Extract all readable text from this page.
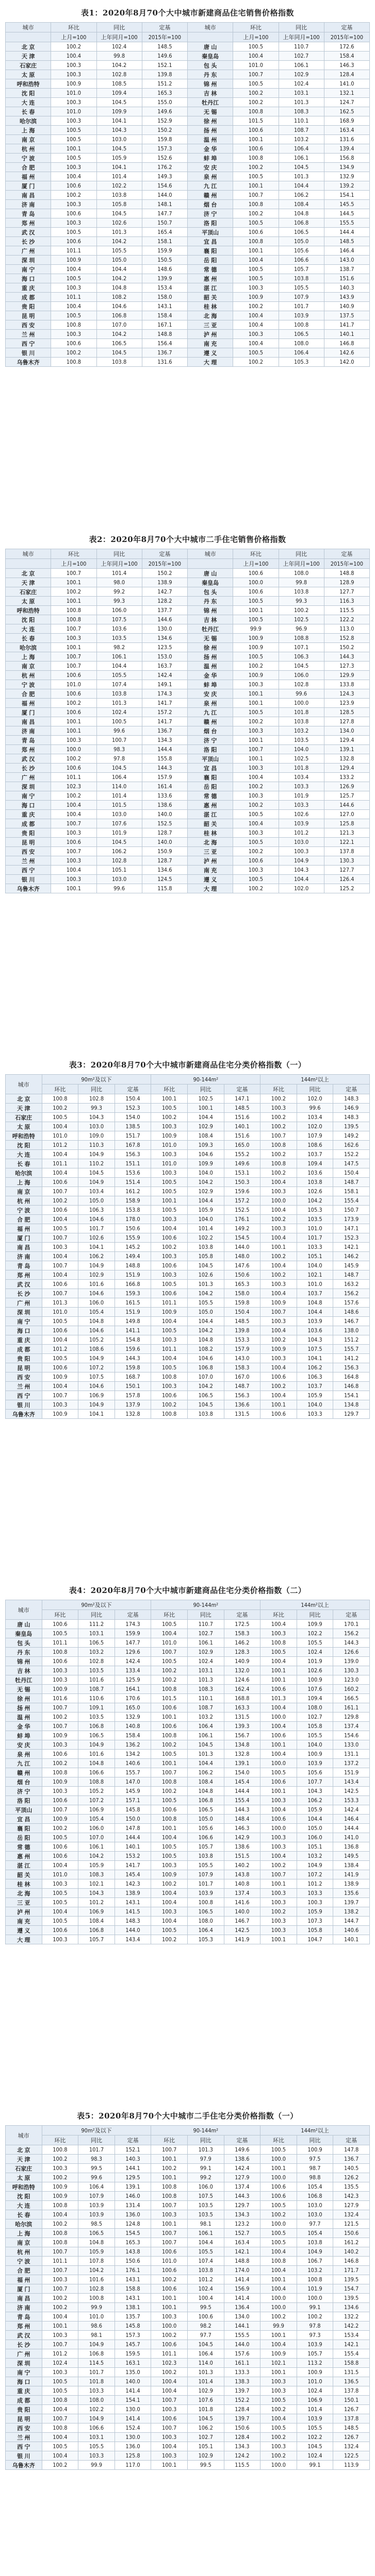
表1：2020年8月70个大中城市新建商品住宅销售价格指数
城市	环比	同比	定基	城市	环比	同比	定基
	上月=100	上年同月=100	2015年=100		上月=100	上年同月=100	2015年=100
北 京	100.2	102.4	148.5	唐 山	100.5	110.7	172.6
天 津	100.4	99.8	149.6	秦皇岛	100.4	102.7	158.4
石家庄	100.3	104.2	152.1	包 头	101.0	106.1	146.3
太 原	100.3	102.8	139.8	丹 东	100.7	102.9	128.4
呼和浩特	100.9	108.5	151.2	锦 州	100.5	102.4	141.0
沈 阳	101.0	109.4	165.3	吉 林	100.2	103.1	132.1
大 连	100.3	104.5	155.0	牡丹江	100.2	101.3	124.7
长 春	101.0	109.9	149.6	无 锡	100.8	108.3	162.5
哈尔滨	100.3	104.1	152.9	徐 州	101.5	110.1	168.9
上 海	100.5	104.3	150.2	扬 州	100.6	108.7	163.4
南 京	100.5	103.0	159.8	温 州	100.1	103.2	131.6
杭 州	100.1	104.5	157.3	金 华	100.6	106.4	139.4
宁 波	100.5	105.9	152.6	蚌 埠	100.8	106.1	156.8
合 肥	100.3	104.1	176.2	安 庆	100.2	104.5	134.9
福 州	100.4	101.4	149.3	泉 州	100.5	101.3	132.9
厦 门	100.6	102.2	154.6	九 江	100.1	104.4	139.2
南 昌	100.2	103.8	144.0	赣 州	100.7	106.2	154.1
济 南	100.3	105.8	148.1	烟 台	100.8	108.4	145.5
青 岛	100.6	104.5	147.7	济 宁	100.2	104.8	144.5
郑 州	100.3	102.6	150.7	洛 阳	100.5	106.8	155.5
武 汉	100.5	101.3	165.4	平顶山	100.6	106.5	144.4
长 沙	100.6	104.2	158.1	宜 昌	100.8	105.0	148.5
广 州	101.1	105.5	159.9	襄 阳	100.1	105.6	146.4
深 圳	100.9	105.0	150.5	岳 阳	100.4	106.6	143.0
南 宁	100.4	104.4	148.6	常 德	100.5	105.7	138.7
海 口	100.5	104.2	139.9	惠 州	100.5	103.8	151.6
重 庆	100.3	104.8	153.4	湛 江	100.3	105.5	140.3
成 都	101.1	108.2	158.0	韶 关	100.9	107.9	143.9
贵 阳	100.4	104.6	143.1	桂 林	100.2	101.7	140.9
昆 明	100.5	106.8	158.4	北 海	100.4	103.9	137.5
西 安	100.8	107.0	167.1	三 亚	100.4	100.8	141.7
兰 州	100.3	104.2	148.8	泸 州	100.3	106.5	140.1
西 宁	100.6	106.5	156.4	南 充	100.4	108.0	146.8
银 川	100.2	104.5	136.7	遵 义	100.5	106.4	142.6
乌鲁木齐	100.8	103.8	131.6	大 理	100.2	105.3	142.0
表2：2020年8月70个大中城市二手住宅销售价格指数
城市	环比	同比	定基	城市	环比	同比	定基
	上月=100	上年同月=100	2015年=100		上月=100	上年同月=100	2015年=100
北 京	100.7	101.4	150.2	唐 山	100.6	108.0	148.8
天 津	100.1	98.0	138.9	秦皇岛	100.0	99.8	128.9
石家庄	100.2	99.2	142.7	包 头	100.6	103.8	127.7
太 原	100.1	99.3	128.2	丹 东	100.5	99.3	116.3
呼和浩特	100.8	106.0	137.7	锦 州	100.1	100.2	115.5
沈 阳	100.8	107.5	144.6	吉 林	100.5	102.5	122.2
大 连	100.7	103.6	130.0	牡丹江	99.9	96.9	113.0
长 春	100.3	103.5	134.6	无 锡	100.9	108.8	152.8
哈尔滨	100.1	98.2	123.5	徐 州	100.9	107.1	150.2
上 海	100.7	106.1	153.0	扬 州	100.5	106.3	144.3
南 京	100.7	104.4	163.7	温 州	100.2	104.5	127.3
杭 州	100.6	105.5	142.4	金 华	100.9	106.0	129.9
宁 波	101.0	107.4	149.1	蚌 埠	100.3	102.8	133.8
合 肥	100.6	103.8	174.3	安 庆	100.1	99.6	124.3
福 州	100.2	101.3	141.7	泉 州	100.1	100.0	123.9
厦 门	100.6	102.4	157.2	九 江	100.5	101.8	128.5
南 昌	100.1	100.5	141.7	赣 州	100.2	103.8	127.8
济 南	100.1	99.6	136.7	烟 台	100.3	103.2	134.0
青 岛	100.3	100.7	134.3	济 宁	100.1	103.5	129.4
郑 州	100.0	98.3	144.4	洛 阳	100.7	104.0	139.1
武 汉	100.2	97.8	155.8	平顶山	100.1	102.5	132.8
长 沙	100.6	104.5	144.3	宜 昌	100.3	101.8	129.4
广 州	101.1	106.4	157.9	襄 阳	100.4	103.4	133.2
深 圳	102.3	114.0	161.4	岳 阳	100.2	103.3	126.9
南 宁	100.2	101.4	133.6	常 德	100.3	101.9	125.7
海 口	100.4	101.5	138.6	惠 州	100.2	103.3	144.6
重 庆	100.4	103.0	140.0	湛 江	100.5	102.6	127.0
成 都	100.7	107.6	152.5	韶 关	100.4	103.9	125.8
贵 阳	100.3	101.9	128.7	桂 林	100.3	101.2	121.3
昆 明	100.6	104.5	140.0	北 海	100.5	103.0	122.1
西 安	100.7	106.2	150.9	三 亚	100.2	100.3	137.8
兰 州	100.3	102.8	128.7	泸 州	100.6	104.9	130.3
西 宁	100.4	105.1	134.6	南 充	100.3	104.3	127.7
银 川	100.3	103.0	124.5	遵 义	100.5	104.4	126.4
乌鲁木齐	100.1	99.6	115.8	大 理	100.2	102.0	125.2
表3：2020年8月70个大中城市新建商品住宅分类价格指数（一）
城市	90m²及以下			90-144m²			144m²以上		
	环比	同比	定基	环比	同比	定基	环比	同比	定基
北 京	100.8	102.8	150.4	100.1	102.5	147.1	100.2	102.0	148.3
天 津	100.2	99.3	152.3	100.5	100.1	148.5	100.3	99.6	146.9
石家庄	100.5	104.3	154.0	100.2	104.4	151.6	100.2	103.4	148.3
太 原	100.4	103.0	138.5	100.3	102.9	140.1	100.2	102.0	139.5
呼和浩特	101.0	109.0	151.7	100.9	108.4	151.6	100.7	107.9	149.2
沈 阳	101.2	110.3	167.8	101.0	109.3	165.0	100.8	108.6	162.6
大 连	100.4	104.9	156.3	100.3	104.6	155.2	100.2	103.7	152.2
长 春	101.1	110.2	151.1	101.0	109.9	149.6	100.8	109.4	147.5
哈尔滨	100.4	104.5	153.6	100.3	104.0	153.1	100.2	103.6	150.4
上 海	100.6	104.9	151.4	100.5	104.2	150.3	100.4	103.8	148.7
南 京	100.7	103.4	161.2	100.5	102.9	159.6	100.3	102.6	158.1
杭 州	100.2	105.0	158.9	100.1	104.4	157.2	100.0	104.2	155.4
宁 波	100.6	106.3	153.8	100.5	105.9	152.5	100.4	105.3	150.7
合 肥	100.4	104.6	178.0	100.3	104.0	176.1	100.2	103.5	173.9
福 州	100.5	101.7	150.6	100.4	101.4	149.2	100.3	101.0	147.1
厦 门	100.7	102.6	155.9	100.6	102.2	154.5	100.4	101.7	152.3
南 昌	100.3	104.1	145.2	100.2	103.8	144.0	100.1	103.3	142.1
济 南	100.4	106.2	149.4	100.3	105.8	148.0	100.2	105.1	146.2
青 岛	100.7	104.9	148.8	100.6	104.5	147.6	100.4	104.0	145.9
郑 州	100.4	102.9	151.9	100.3	102.6	150.6	100.2	102.1	148.7
武 汉	100.6	101.6	166.8	100.5	101.3	165.3	100.3	101.0	163.2
长 沙	100.7	104.6	159.3	100.6	104.2	158.0	100.4	103.7	156.2
广 州	101.3	106.0	161.5	101.1	105.5	159.8	100.9	104.8	157.6
深 圳	101.0	105.4	151.9	100.9	105.0	150.4	100.7	104.4	148.6
南 宁	100.5	104.8	149.8	100.4	104.4	148.5	100.3	103.9	146.7
海 口	100.6	104.6	141.1	100.5	104.2	139.8	100.4	103.6	138.0
重 庆	100.4	105.2	154.8	100.3	104.8	153.3	100.2	104.3	151.2
成 都	101.2	108.6	159.6	101.1	108.2	157.9	100.9	107.5	155.7
贵 阳	100.5	104.9	144.3	100.4	104.6	143.0	100.3	104.1	141.2
昆 明	100.6	107.2	159.8	100.5	106.8	158.3	100.4	106.2	156.3
西 安	100.9	107.5	168.7	100.8	107.0	167.0	100.6	106.3	164.8
兰 州	100.4	104.6	150.1	100.3	104.2	148.7	100.2	103.7	146.8
西 宁	100.7	106.9	157.8	100.6	106.5	156.3	100.4	105.9	154.1
银 川	100.3	104.9	137.9	100.2	104.5	136.6	100.1	104.0	134.8
乌鲁木齐	100.9	104.1	132.8	100.8	103.8	131.5	100.6	103.3	129.7
表4：2020年8月70个大中城市新建商品住宅分类价格指数（二）
城市	90m²及以下			90-144m²			144m²以上		
	环比	同比	定基	环比	同比	定基	环比	同比	定基
唐 山	100.6	111.2	174.3	100.5	110.7	172.5	100.4	109.9	170.1
秦皇岛	100.5	103.1	159.9	100.4	102.7	158.3	100.3	102.2	156.2
包 头	101.1	106.5	147.7	101.0	106.1	146.2	100.8	105.5	144.3
丹 东	100.8	103.2	129.6	100.7	102.9	128.3	100.5	102.4	126.6
锦 州	100.6	102.8	142.4	100.5	102.4	140.9	100.4	101.9	139.0
吉 林	100.3	103.5	133.4	100.2	103.1	132.0	100.1	102.6	130.3
牡丹江	100.3	101.6	125.9	100.2	101.3	124.6	100.1	100.9	123.0
无 锡	100.9	108.7	164.1	100.8	108.3	162.4	100.6	107.6	160.2
徐 州	101.6	110.6	170.6	101.5	110.1	168.8	101.3	109.4	166.5
扬 州	100.7	109.1	165.0	100.6	108.7	163.3	100.4	108.0	161.1
温 州	100.2	103.5	132.9	100.1	103.2	131.5	100.0	102.7	129.8
金 华	100.7	106.8	140.8	100.6	106.4	139.3	100.4	105.8	137.4
蚌 埠	100.9	106.5	158.4	100.8	106.1	156.7	100.6	105.5	154.6
安 庆	100.3	104.9	136.2	100.2	104.5	134.8	100.1	104.0	133.0
泉 州	100.6	101.6	134.2	100.5	101.3	132.8	100.4	100.9	131.1
九 江	100.2	104.8	140.6	100.1	104.4	139.1	100.0	103.9	137.2
赣 州	100.8	106.6	155.7	100.7	106.2	154.0	100.5	105.6	151.9
烟 台	100.9	108.8	147.0	100.8	108.4	145.4	100.6	107.7	143.4
济 宁	100.3	105.2	145.9	100.2	104.8	144.4	100.1	104.3	142.5
洛 阳	100.6	107.2	157.1	100.5	106.8	155.4	100.3	106.2	153.3
平顶山	100.7	106.9	145.8	100.6	106.5	144.3	100.4	105.9	142.4
宜 昌	100.9	105.4	150.0	100.8	105.0	148.4	100.6	104.4	146.4
襄 阳	100.2	106.0	147.8	100.1	105.6	146.3	100.0	105.0	144.4
岳 阳	100.5	107.0	144.4	100.4	106.6	142.9	100.3	106.0	141.0
常 德	100.6	106.1	140.1	100.5	105.7	138.6	100.3	105.1	136.8
惠 州	100.6	104.2	153.2	100.5	103.8	151.5	100.4	103.2	149.5
湛 江	100.4	105.9	141.7	100.3	105.5	140.2	100.2	104.9	138.4
韶 关	101.0	108.3	145.4	100.9	107.9	143.8	100.7	107.2	141.9
桂 林	100.3	102.1	142.3	100.2	101.7	140.8	100.1	101.2	138.9
北 海	100.5	104.3	138.9	100.4	103.9	137.4	100.3	103.3	135.6
三 亚	100.5	101.2	143.1	100.4	100.8	141.6	100.3	100.3	139.7
泸 州	100.4	106.9	141.5	100.3	106.5	140.0	100.2	105.9	138.2
南 充	100.5	108.4	148.3	100.4	108.0	146.7	100.3	107.3	144.7
遵 义	100.6	106.8	144.0	100.5	106.4	142.5	100.3	105.8	140.6
大 理	100.3	105.7	143.4	100.2	105.3	141.9	100.1	104.7	140.1
表5：2020年8月70个大中城市二手住宅分类价格指数（一）
城市	90m²及以下			90-144m²			144m²以上		
	环比	同比	定基	环比	同比	定基	环比	同比	定基
北 京	100.8	101.7	152.1	100.7	101.3	149.6	100.5	100.9	147.8
天 津	100.2	98.3	140.3	100.1	97.9	138.6	100.0	97.5	136.7
石家庄	100.3	99.5	144.1	100.2	99.1	142.4	100.1	98.7	140.5
太 原	100.2	99.6	129.5	100.1	99.2	127.9	100.0	98.8	126.2
呼和浩特	100.9	106.4	139.1	100.8	106.0	137.4	100.6	105.4	135.5
沈 阳	100.9	107.9	146.0	100.8	107.5	144.3	100.6	106.8	142.3
大 连	100.8	103.9	131.4	100.7	103.5	129.7	100.5	103.0	127.9
长 春	100.4	103.9	136.0	100.3	103.5	134.3	100.2	103.0	132.4
哈尔滨	100.2	98.5	124.8	100.1	98.1	123.2	100.0	97.7	121.5
上 海	100.8	106.5	154.5	100.7	106.1	152.7	100.5	105.4	150.6
南 京	100.8	104.8	165.3	100.7	104.4	163.4	100.5	103.8	161.2
杭 州	100.7	105.9	143.8	100.6	105.5	142.1	100.4	104.9	140.2
宁 波	101.1	107.8	150.6	101.0	107.4	148.8	100.8	106.7	146.8
合 肥	100.7	104.2	176.1	100.6	103.8	174.0	100.4	103.2	171.7
福 州	100.3	101.6	143.1	100.2	101.2	141.4	100.1	100.8	139.5
厦 门	100.7	102.8	158.8	100.6	102.4	156.9	100.4	101.9	154.7
南 昌	100.2	100.8	143.1	100.1	100.4	141.4	100.0	100.0	139.5
济 南	100.2	99.9	138.1	100.1	99.5	136.4	100.0	99.1	134.6
青 岛	100.4	101.0	135.7	100.3	100.6	134.0	100.2	100.2	132.2
郑 州	100.1	98.6	145.8	100.0	98.2	144.1	99.9	97.8	142.2
武 汉	100.3	98.1	157.3	100.2	97.7	155.5	100.1	97.3	153.4
长 沙	100.7	104.9	145.7	100.6	104.5	144.0	100.4	103.9	142.1
广 州	101.2	106.8	159.5	101.1	106.4	157.6	100.9	105.7	155.4
深 圳	102.4	114.5	163.1	102.3	114.0	161.1	102.1	113.2	158.8
南 宁	100.3	101.7	135.0	100.2	101.3	133.3	100.1	100.9	131.5
海 口	100.5	101.8	140.0	100.4	101.4	138.3	100.3	101.0	136.5
重 庆	100.5	103.3	141.4	100.4	102.9	139.7	100.3	102.4	137.8
成 都	100.8	108.0	154.1	100.7	107.6	152.2	100.5	106.9	150.1
贵 阳	100.4	102.2	130.0	100.3	101.8	128.4	100.2	101.4	126.7
昆 明	100.7	104.9	141.4	100.6	104.5	139.7	100.4	103.9	137.8
西 安	100.8	106.6	152.4	100.7	106.2	150.6	100.5	105.5	148.5
兰 州	100.4	103.1	130.0	100.3	102.7	128.4	100.2	102.2	126.7
西 宁	100.5	105.5	136.0	100.4	105.1	134.3	100.3	104.5	132.4
银 川	100.4	103.3	125.8	100.3	102.9	124.2	100.2	102.4	122.5
乌鲁木齐	100.2	99.9	117.0	100.1	99.5	115.5	100.0	99.1	113.9
